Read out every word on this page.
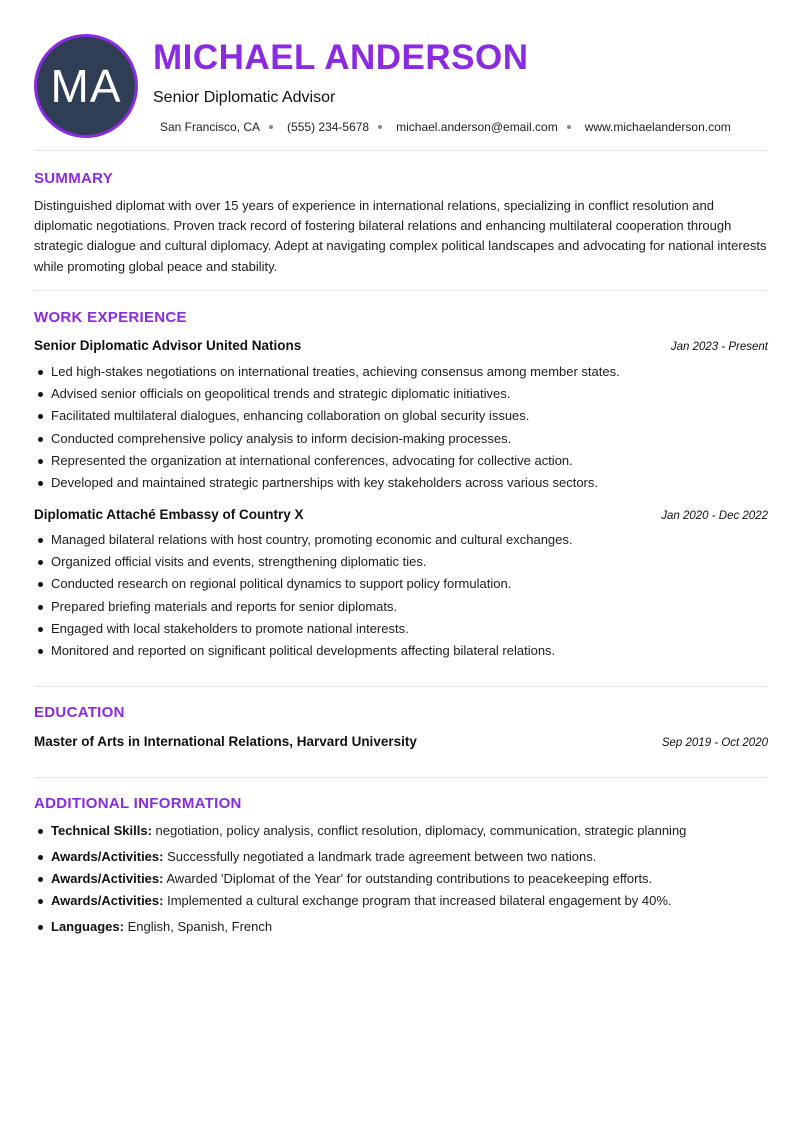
MA
MICHAEL ANDERSON
Senior Diplomatic Advisor
San Francisco, CA (555) 234-5678 michael.anderson@email.com www.michaelanderson.com
SUMMARY

Distinguished diplomat with over 15 years of experience in international relations, specializing in conflict resolution and diplomatic negotiations. Proven track record of fostering bilateral relations and enhancing multilateral cooperation through strategic dialogue and cultural diplomacy. Adept at navigating complex political landscapes and advocating for national interests while promoting global peace and stability.

WORK EXPERIENCE
Senior Diplomatic Advisor United Nations	Jan 2023 - Present
Led high-stakes negotiations on international treaties, achieving consensus among member states.
Advised senior officials on geopolitical trends and strategic diplomatic initiatives.
Facilitated multilateral dialogues, enhancing collaboration on global security issues.
Conducted comprehensive policy analysis to inform decision-making processes.
Represented the organization at international conferences, advocating for collective action.
Developed and maintained strategic partnerships with key stakeholders across various sectors.
Diplomatic Attaché Embassy of Country X	Jan 2020 - Dec 2022
Managed bilateral relations with host country, promoting economic and cultural exchanges.
Organized official visits and events, strengthening diplomatic ties.
Conducted research on regional political dynamics to support policy formulation.
Prepared briefing materials and reports for senior diplomats.
Engaged with local stakeholders to promote national interests.
Monitored and reported on significant political developments affecting bilateral relations.
EDUCATION
Master of Arts in International Relations, Harvard University	Sep 2019 - Oct 2020
ADDITIONAL INFORMATION
Technical Skills: negotiation, policy analysis, conflict resolution, diplomacy, communication, strategic planning
Awards/Activities: Successfully negotiated a landmark trade agreement between two nations.
Awards/Activities: Awarded 'Diplomat of the Year' for outstanding contributions to peacekeeping efforts.
Awards/Activities: Implemented a cultural exchange program that increased bilateral engagement by 40%.
Languages: English, Spanish, French
